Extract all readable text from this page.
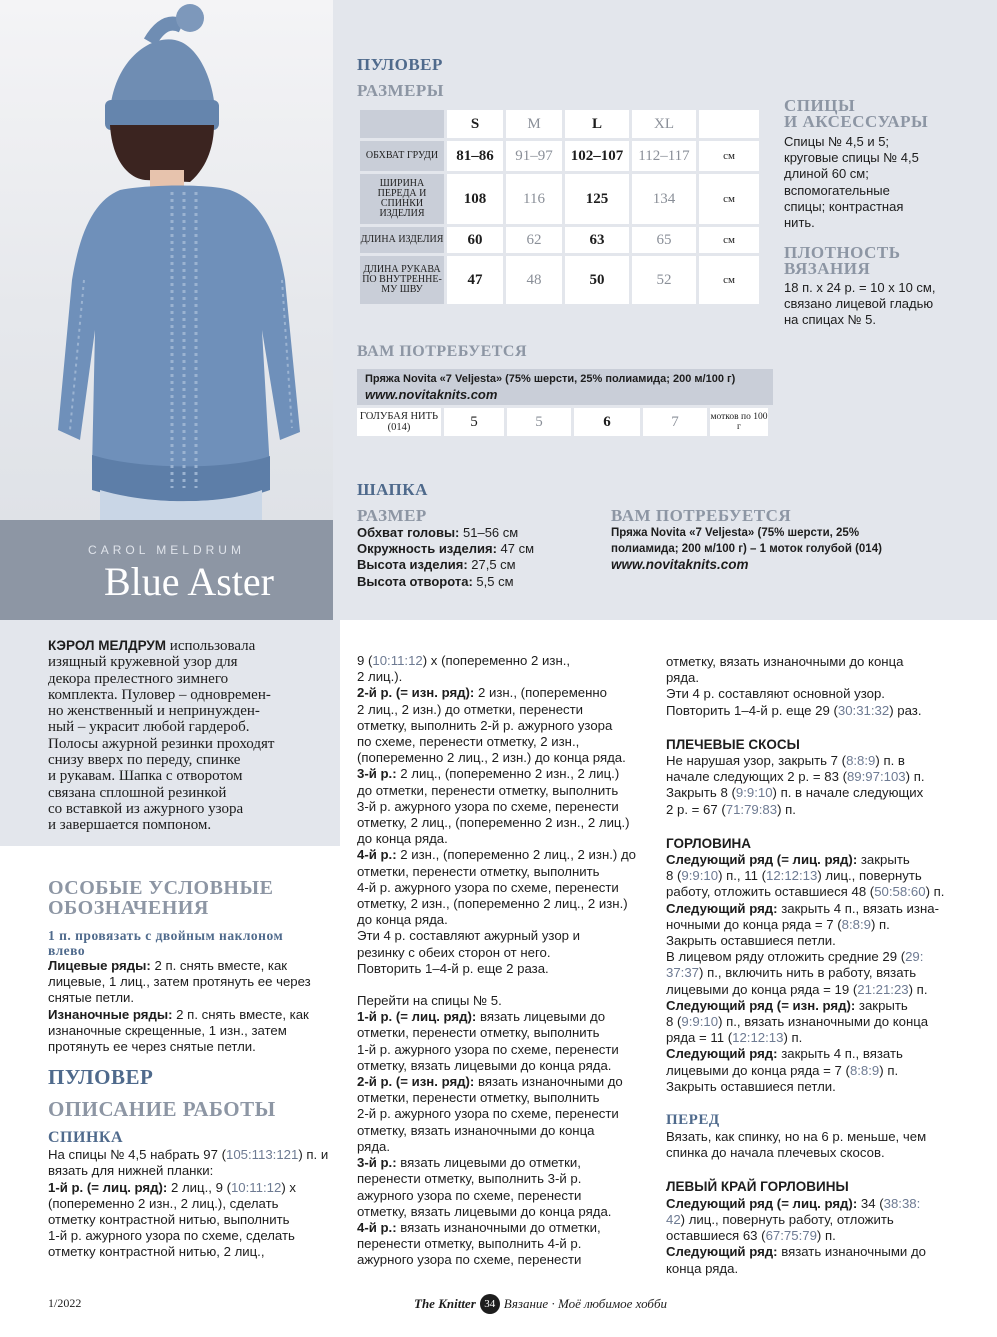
CAROL MELDRUM
Blue Aster
ПУЛОВЕР
РАЗМЕРЫ
	S	M	L	XL	
ОБХВАТ ГРУДИ	81–86	91–97	102–107	112–117	см
ШИРИНА ПЕРЕДА И СПИНКИ ИЗДЕЛИЯ	108	116	125	134	см
ДЛИНА ИЗДЕЛИЯ	60	62	63	65	см
ДЛИНА РУКАВА ПО ВНУТРЕННЕ-МУ ШВУ	47	48	50	52	см
СПИЦЫ
И АКСЕССУАРЫ
Спицы № 4,5 и 5;
круговые спицы № 4,5
длиной 60 см;
вспомогательные
спицы; контрастная
нить.
ПЛОТНОСТЬ
ВЯЗАНИЯ
18 п. х 24 р. = 10 х 10 см,
связано лицевой гладью
на спицах № 5.
ВАМ ПОТРЕБУЕТСЯ
Пряжа Novita «7 Veljesta» (75% шерсти, 25% полиамида; 200 м/100 г)
www.novitaknits.com
ГОЛУБАЯ НИТЬ (014)	5	5	6	7	мотков по 100 г
ШАПКА
РАЗМЕР
Обхват головы: 51–56 см
Окружность изделия: 47 см
Высота изделия: 27,5 см
Высота отворота: 5,5 см
ВАМ ПОТРЕБУЕТСЯ
Пряжа Novita «7 Veljesta» (75% шерсти, 25%
полиамида; 200 м/100 г) – 1 моток голубой (014)
www.novitaknits.com
КЭРОЛ МЕЛДРУМ использовала
изящный кружевной узор для
декора прелестного зимнего
комплекта. Пуловер – одновремен-
но женственный и непринужден-
ный – украсит любой гардероб.
Полосы ажурной резинки проходят
снизу вверх по переду, спинке
и рукавам. Шапка с отворотом
связана сплошной резинкой
со вставкой из ажурного узора
и завершается помпоном.
ОСОБЫЕ УСЛОВНЫЕ
ОБОЗНАЧЕНИЯ
1 п. провязать с двойным наклоном
влево

Лицевые ряды: 2 п. снять вместе, как

лицевые, 1 лиц., затем протянуть ее через

снятые петли.

Изнаночные ряды: 2 п. снять вместе, как

изнаночные скрещенные, 1 изн., затем

протянуть ее через снятые петли.

ПУЛОВЕР
ОПИСАНИЕ РАБОТЫ
СПИНКА

На спицы № 4,5 набрать 97 (105:113:121) п. и

вязать для нижней планки:

1-й р. (= лиц. ряд): 2 лиц., 9 (10:11:12) х

(попеременно 2 изн., 2 лиц.), сделать

отметку контрастной нитью, выполнить

1-й р. ажурного узора по схеме, сделать

отметку контрастной нитью, 2 лиц.,

9 (10:11:12) х (попеременно 2 изн.,

2 лиц.).

2-й р. (= изн. ряд): 2 изн., (попеременно

2 лиц., 2 изн.) до отметки, перенести

отметку, выполнить 2-й р. ажурного узора

по схеме, перенести отметку, 2 изн.,

(попеременно 2 лиц., 2 изн.) до конца ряда.

3-й р.: 2 лиц., (попеременно 2 изн., 2 лиц.)

до отметки, перенести отметку, выполнить

3-й р. ажурного узора по схеме, перенести

отметку, 2 лиц., (попеременно 2 изн., 2 лиц.)

до конца ряда.

4-й р.: 2 изн., (попеременно 2 лиц., 2 изн.) до

отметки, перенести отметку, выполнить

4-й р. ажурного узора по схеме, перенести

отметку, 2 изн., (попеременно 2 лиц., 2 изн.)

до конца ряда.

Эти 4 р. составляют ажурный узор и

резинку с обеих сторон от него.

Повторить 1–4-й р. еще 2 раза.

Перейти на спицы № 5.

1-й р. (= лиц. ряд): вязать лицевыми до

отметки, перенести отметку, выполнить

1-й р. ажурного узора по схеме, перенести

отметку, вязать лицевыми до конца ряда.

2-й р. (= изн. ряд): вязать изнаночными до

отметки, перенести отметку, выполнить

2-й р. ажурного узора по схеме, перенести

отметку, вязать изнаночными до конца

ряда.

3-й р.: вязать лицевыми до отметки,

перенести отметку, выполнить 3-й р.

ажурного узора по схеме, перенести

отметку, вязать лицевыми до конца ряда.

4-й р.: вязать изнаночными до отметки,

перенести отметку, выполнить 4-й р.

ажурного узора по схеме, перенести

отметку, вязать изнаночными до конца

ряда.

Эти 4 р. составляют основной узор.

Повторить 1–4-й р. еще 29 (30:31:32) раз.

ПЛЕЧЕВЫЕ СКОСЫ

Не нарушая узор, закрыть 7 (8:8:9) п. в

начале следующих 2 р. = 83 (89:97:103) п.

Закрыть 8 (9:9:10) п. в начале следующих

2 р. = 67 (71:79:83) п.

ГОРЛОВИНА

Следующий ряд (= лиц. ряд): закрыть

8 (9:9:10) п., 11 (12:12:13) лиц., повернуть

работу, отложить оставшиеся 48 (50:58:60) п.

Следующий ряд: закрыть 4 п., вязать изна-

ночными до конца ряда = 7 (8:8:9) п.

Закрыть оставшиеся петли.

В лицевом ряду отложить средние 29 (29:

37:37) п., включить нить в работу, вязать

лицевыми до конца ряда = 19 (21:21:23) п.

Следующий ряд (= изн. ряд): закрыть

8 (9:9:10) п., вязать изнаночными до конца

ряда = 11 (12:12:13) п.

Следующий ряд: закрыть 4 п., вязать

лицевыми до конца ряда = 7 (8:8:9) п.

Закрыть оставшиеся петли.

ПЕРЕД

Вязать, как спинку, но на 6 р. меньше, чем

спинка до начала плечевых скосов.

ЛЕВЫЙ КРАЙ ГОРЛОВИНЫ

Следующий ряд (= лиц. ряд): 34 (38:38:

42) лиц., повернуть работу, отложить

оставшиеся 63 (67:75:79) п.

Следующий ряд: вязать изнаночными до

конца ряда.

1/2022	The Knitter 34 Вязание · Моё любимое хобби
